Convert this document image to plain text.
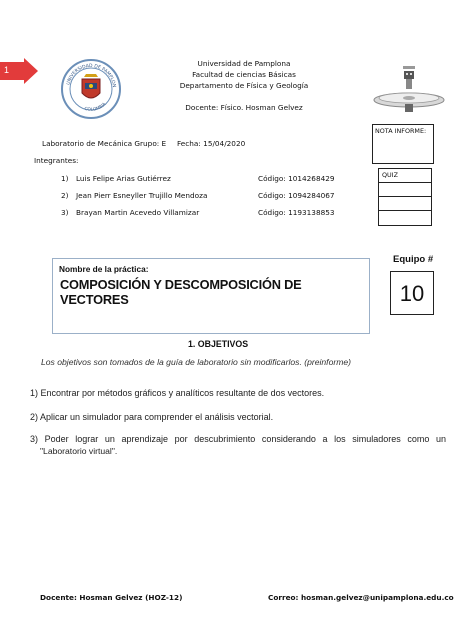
1
UNIVERSIDAD DE PAMPLON
COLOMBIA
Universidad de Pamplona
Facultad de ciencias Básicas
Departamento de Física y Geología
Docente: Físico. Hosman Gelvez
NOTA INFORME:
QUIZ
Laboratorio de Mecánica Grupo: E Fecha: 15/04/2020
Integrantes:
1) Luis Felipe Arias Gutiérrez	Código: 1014268429
2) Jean Pierr Esneyller Trujillo Mendoza	Código: 1094284067
3) Brayan Martin Acevedo Villamizar	Código: 1193138853
Nombre de la práctica:
COMPOSICIÓN Y DESCOMPOSICIÓN DE VECTORES
Equipo #
10
1. OBJETIVOS
Los objetivos son tomados de la guía de laboratorio sin modificarlos. (preinforme)
1) Encontrar por métodos gráficos y analíticos resultante de dos vectores.
2) Aplicar un simulador para comprender el análisis vectorial.
3) Poder lograr un aprendizaje por descubrimiento considerando a los simuladores como un
"Laboratorio virtual".
Docente: Hosman Gelvez (HOZ-12)	Correo: hosman.gelvez@unipamplona.edu.co
